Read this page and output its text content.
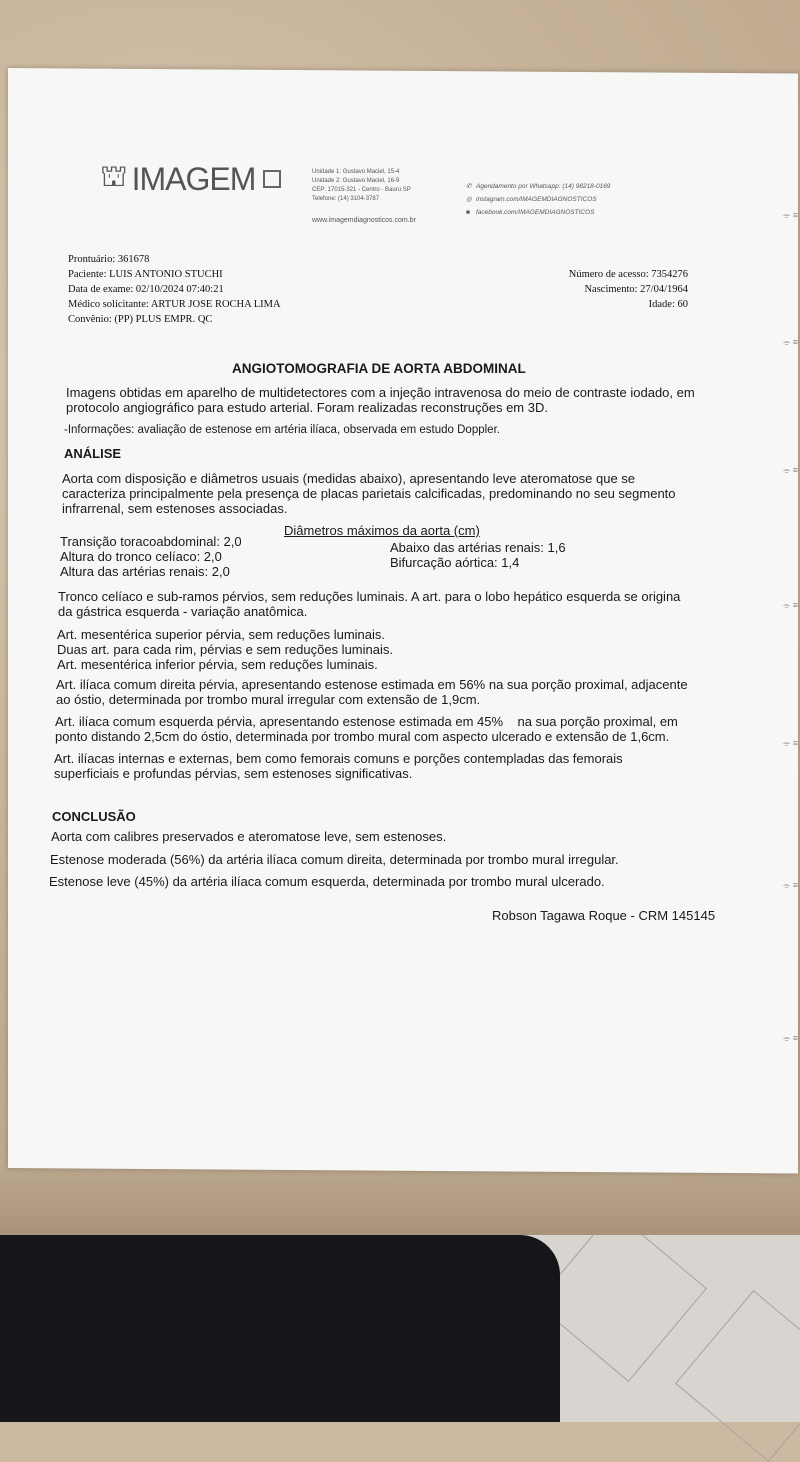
⛫ IMAGEM	Unidade 1: Gustavo Maciel, 15-4
Unidade 2: Gustavo Maciel, 16-9
CEP: 17015-321 - Centro - Bauru SP
Telefone: (14) 3104-3787
www.imagemdiagnosticos.com.br
✆ Agendamento por Whatsapp: (14) 98218-0169
◎ instagram.com/IMAGEMDIAGNOSTICOS
■ facebook.com/IMAGEMDIAGNOSTICOS
Prontuário: 361678
Paciente: LUIS ANTONIO STUCHI
Data de exame: 02/10/2024 07:40:21
Médico solicitante: ARTUR JOSE ROCHA LIMA
Convênio: (PP) PLUS EMPR. QC
Número de acesso: 7354276
Nascimento: 27/04/1964
Idade: 60
ANGIOTOMOGRAFIA DE AORTA ABDOMINAL
Imagens obtidas em aparelho de multidetectores com a injeção intravenosa do meio de contraste iodado, em
protocolo angiográfico para estudo arterial. Foram realizadas reconstruções em 3D.
-Informações: avaliação de estenose em artéria ilíaca, observada em estudo Doppler.
ANÁLISE
Aorta com disposição e diâmetros usuais (medidas abaixo), apresentando leve ateromatose que se
caracteriza principalmente pela presença de placas parietais calcificadas, predominando no seu segmento
infrarrenal, sem estenoses associadas.
Diâmetros máximos da aorta (cm)
Transição toracoabdominal: 2,0
Altura do tronco celíaco: 2,0
Altura das artérias renais: 2,0
Abaixo das artérias renais: 1,6
Bifurcação aórtica: 1,4
Tronco celíaco e sub-ramos pérvios, sem reduções luminais. A art. para o lobo hepático esquerda se origina
da gástrica esquerda - variação anatômica.
Art. mesentérica superior pérvia, sem reduções luminais.
Duas art. para cada rim, pérvias e sem reduções luminais.
Art. mesentérica inferior pérvia, sem reduções luminais.
Art. ilíaca comum direita pérvia, apresentando estenose estimada em 56% na sua porção proximal, adjacente
ao óstio, determinada por trombo mural irregular com extensão de 1,9cm.
Art. ilíaca comum esquerda pérvia, apresentando estenose estimada em 45%    na sua porção proximal, em
ponto distando 2,5cm do óstio, determinada por trombo mural com aspecto ulcerado e extensão de 1,6cm.
Art. ilíacas internas e externas, bem como femorais comuns e porções contempladas das femorais
superficiais e profundas pérvias, sem estenoses significativas.
CONCLUSÃO
Aorta com calibres preservados e ateromatose leve, sem estenoses.
Estenose moderada (56%) da artéria ilíaca comum direita, determinada por trombo mural irregular.
Estenose leve (45%) da artéria ilíaca comum esquerda, determinada por trombo mural ulcerado.
Robson Tagawa Roque - CRM 145145
⌯ ≡
⌯ ≡
⌯ ≡
⌯ ≡
⌯ ≡
⌯ ≡
⌯ ≡
